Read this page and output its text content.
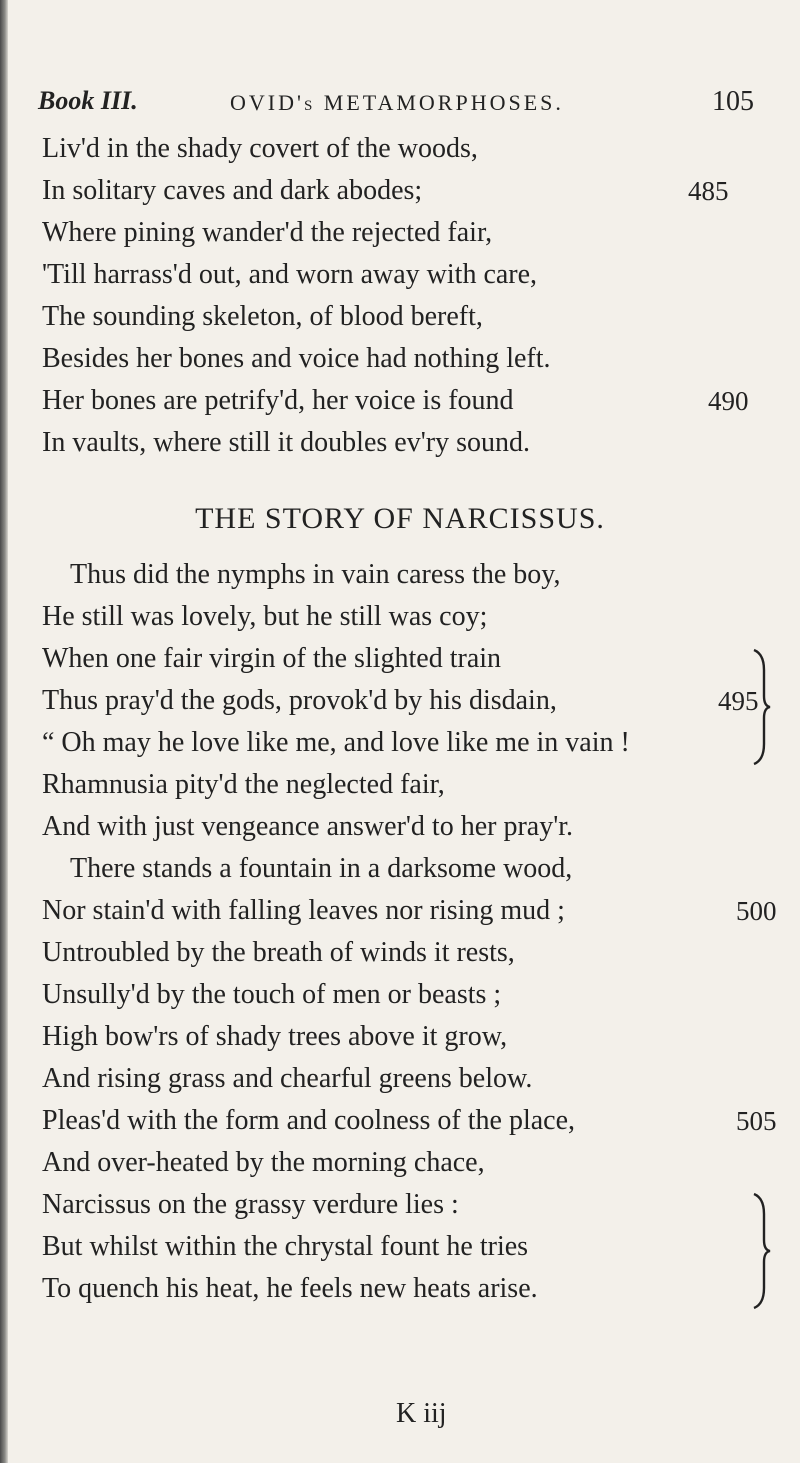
Book III.	OVID's METAMORPHOSES.	105
Liv'd in the shady covert of the woods,
In solitary caves and dark abodes;
Where pining wander'd the rejected fair,
'Till harrass'd out, and worn away with care,
The sounding skeleton, of blood bereft,
Besides her bones and voice had nothing left.
Her bones are petrify'd, her voice is found
In vaults, where still it doubles ev'ry sound.
485
490
THE STORY OF NARCISSUS.
Thus did the nymphs in vain caress the boy,
He still was lovely, but he still was coy;
When one fair virgin of the slighted train
Thus pray'd the gods, provok'd by his disdain,
“ Oh may he love like me, and love like me in vain !
Rhamnusia pity'd the neglected fair,
And with just vengeance answer'd to her pray'r.
There stands a fountain in a darksome wood,
Nor stain'd with falling leaves nor rising mud ;
Untroubled by the breath of winds it rests,
Unsully'd by the touch of men or beasts ;
High bow'rs of shady trees above it grow,
And rising grass and chearful greens below.
Pleas'd with the form and coolness of the place,
And over-heated by the morning chace,
Narcissus on the grassy verdure lies :
But whilst within the chrystal fount he tries
To quench his heat, he feels new heats arise.
495
500
505
K iij
